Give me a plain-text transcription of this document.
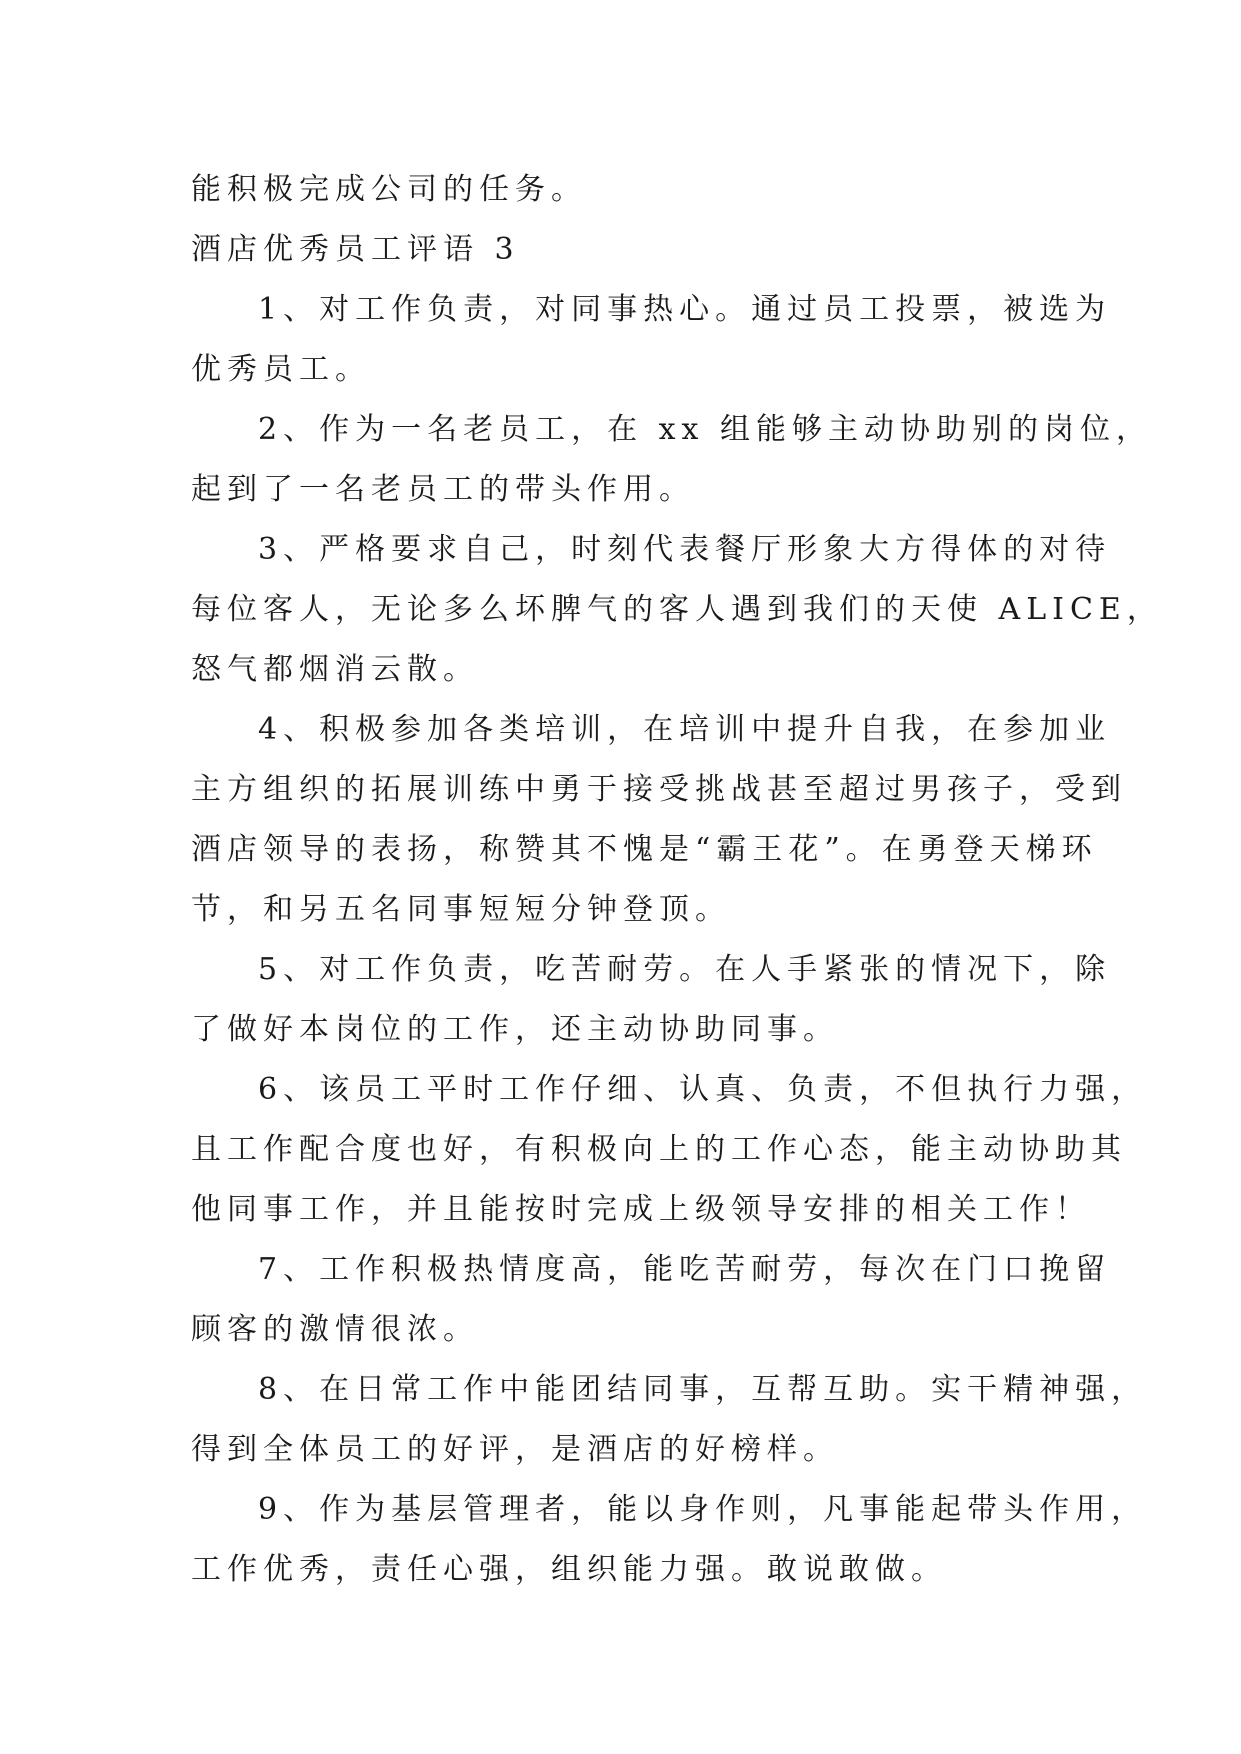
能积极完成公司的任务。
酒店优秀员工评语 3
1、对工作负责，对同事热心。通过员工投票，被选为
优秀员工。
2、作为一名老员工，在 xx 组能够主动协助别的岗位，
起到了一名老员工的带头作用。
3、严格要求自己，时刻代表餐厅形象大方得体的对待
每位客人，无论多么坏脾气的客人遇到我们的天使 ALICE，
怒气都烟消云散。
4、积极参加各类培训，在培训中提升自我，在参加业
主方组织的拓展训练中勇于接受挑战甚至超过男孩子，受到
酒店领导的表扬，称赞其不愧是“霸王花”。在勇登天梯环
节，和另五名同事短短分钟登顶。
5、对工作负责，吃苦耐劳。在人手紧张的情况下，除
了做好本岗位的工作，还主动协助同事。
6、该员工平时工作仔细、认真、负责，不但执行力强，
且工作配合度也好，有积极向上的工作心态，能主动协助其
他同事工作，并且能按时完成上级领导安排的相关工作！
7、工作积极热情度高，能吃苦耐劳，每次在门口挽留
顾客的激情很浓。
8、在日常工作中能团结同事，互帮互助。实干精神强，
得到全体员工的好评，是酒店的好榜样。
9、作为基层管理者，能以身作则，凡事能起带头作用，
工作优秀，责任心强，组织能力强。敢说敢做。
